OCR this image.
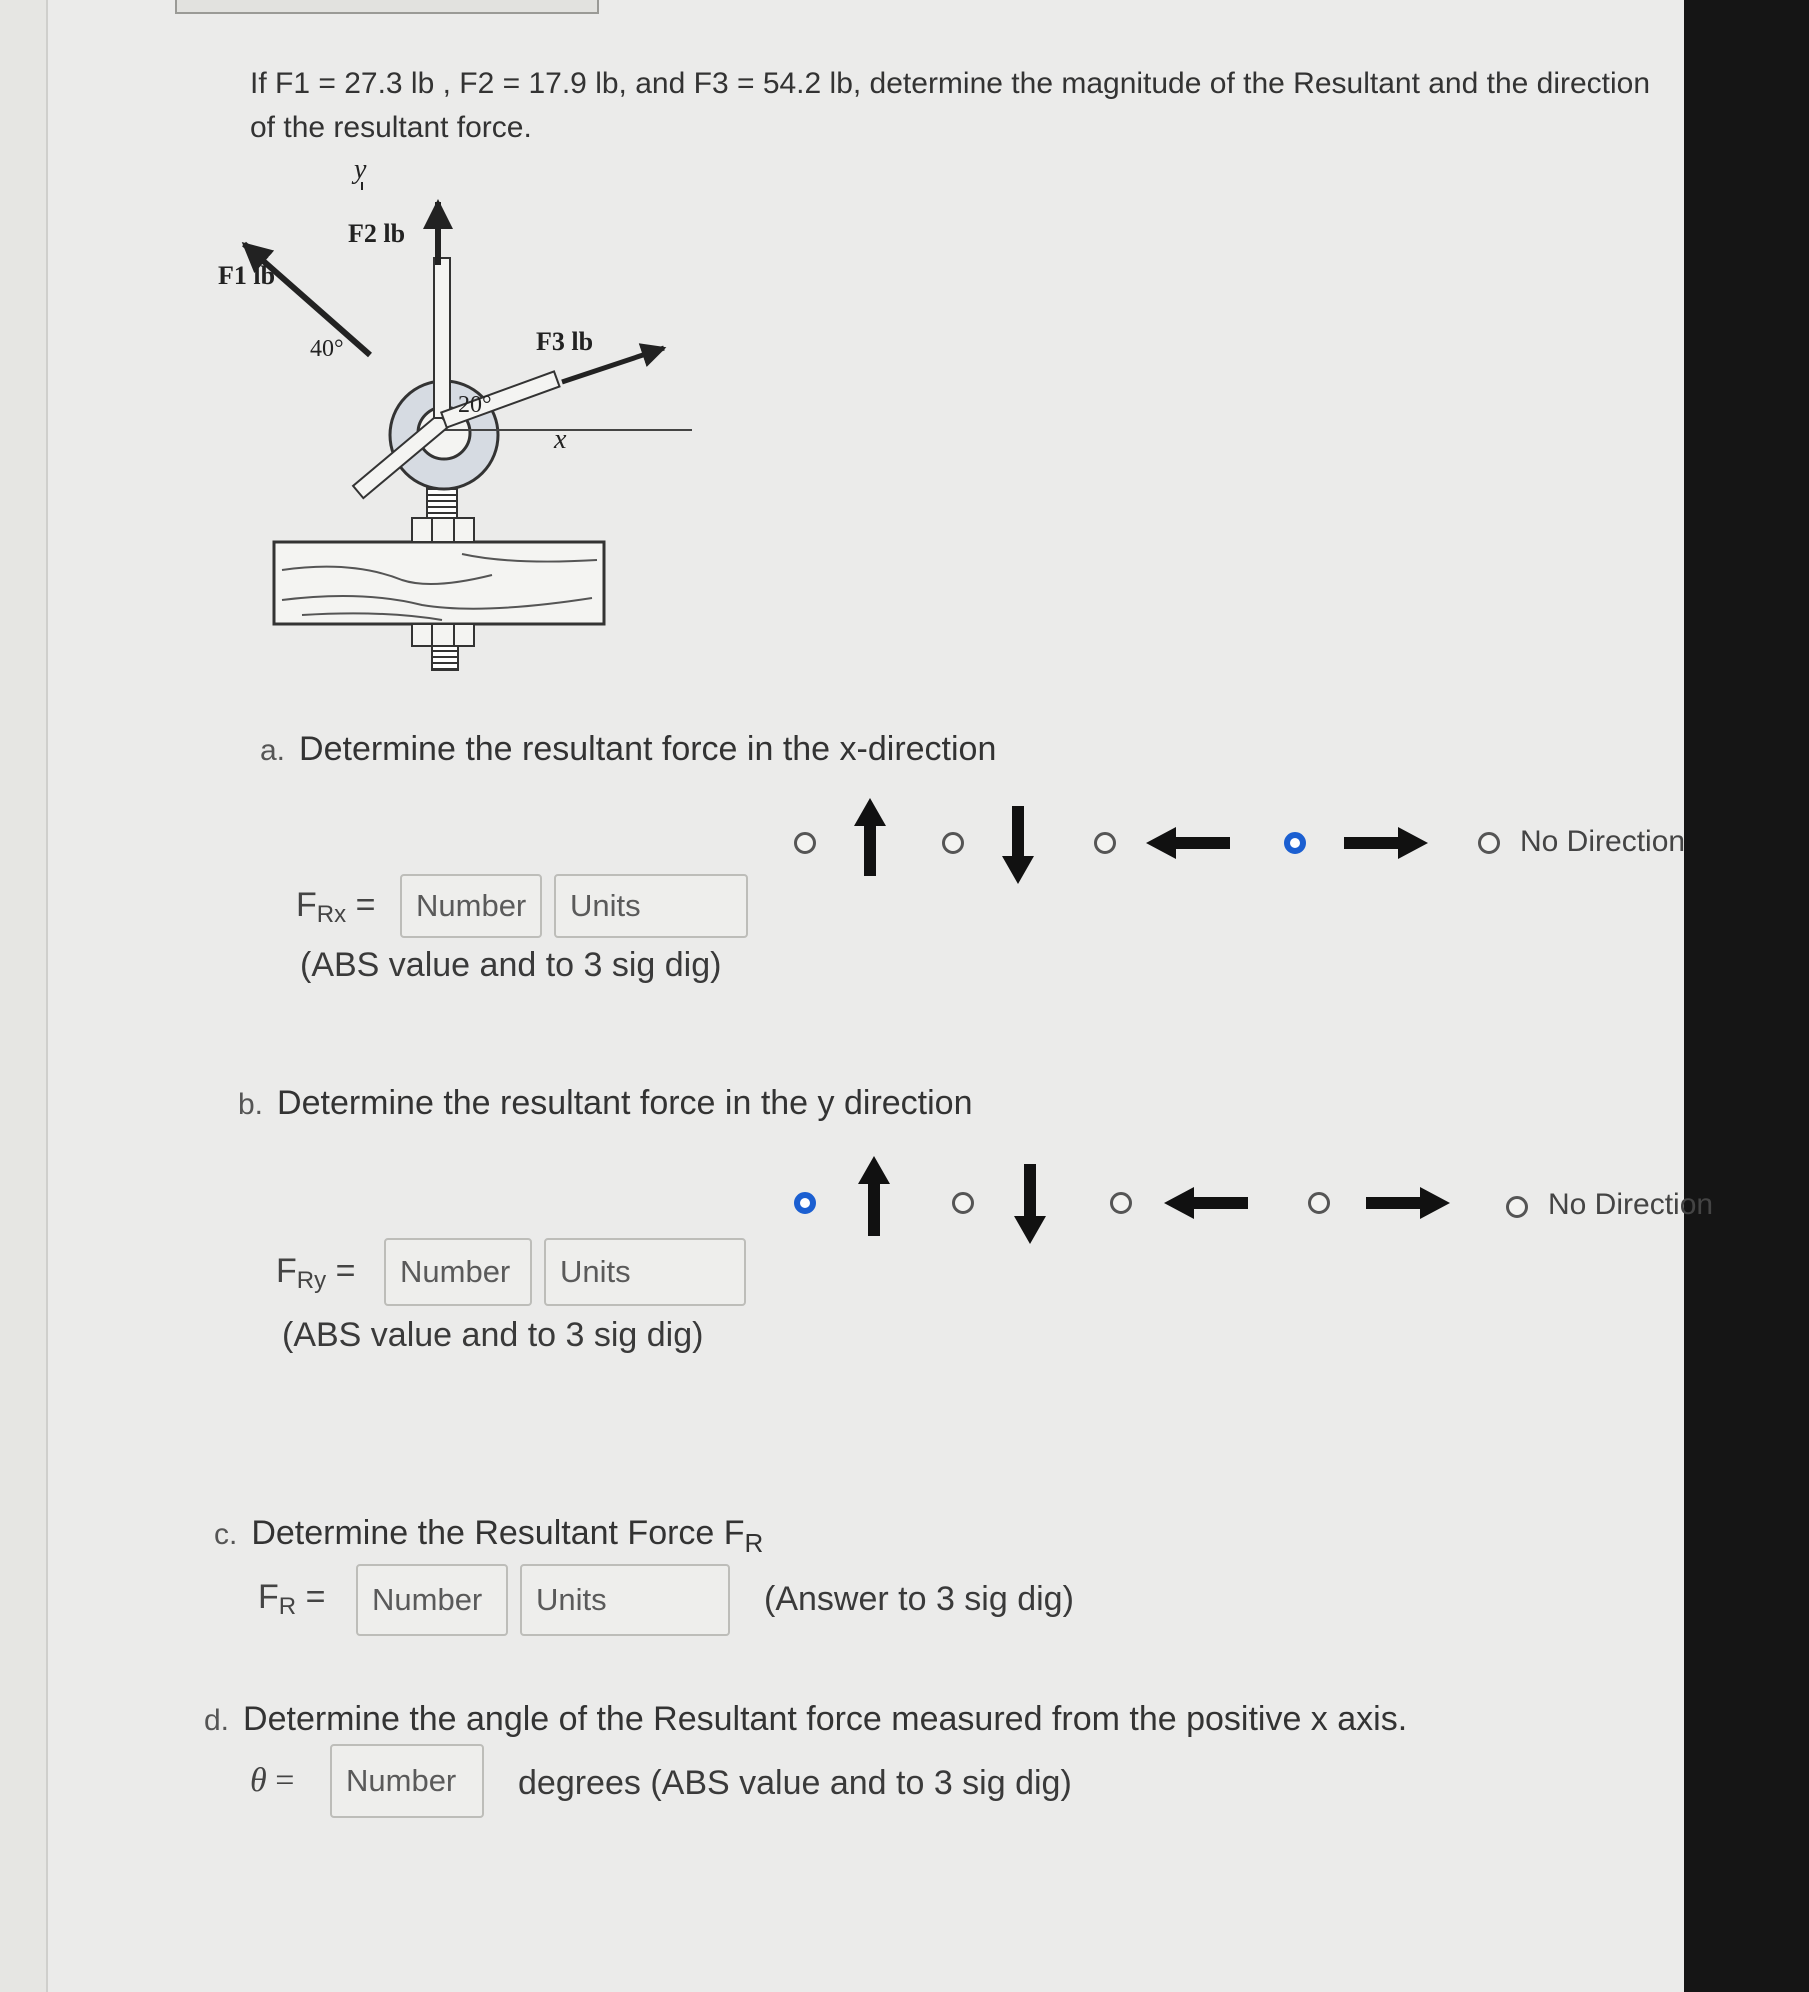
If F1 = 27.3 lb , F2 = 17.9 lb, and F3 = 54.2 lb, determine the magnitude of the Resultant and the direction of the resultant force.
y
F2 lb
F1 lb
40°	F3 lb
20°
x
a. Determine the resultant force in the x-direction
No Direction
$F_{Rx}$ =	Number	Units
(ABS value and to 3 sig dig)
b. Determine the resultant force in the y direction
No Direction
$F_{Ry}$ =	Number	Units
(ABS value and to 3 sig dig)
c. Determine the Resultant Force $F_R$
$F_R$ =	Number	Units	(Answer to 3 sig dig)
d. Determine the angle of the Resultant force measured from the positive x axis.
θ =	Number	degrees (ABS value and to 3 sig dig)
